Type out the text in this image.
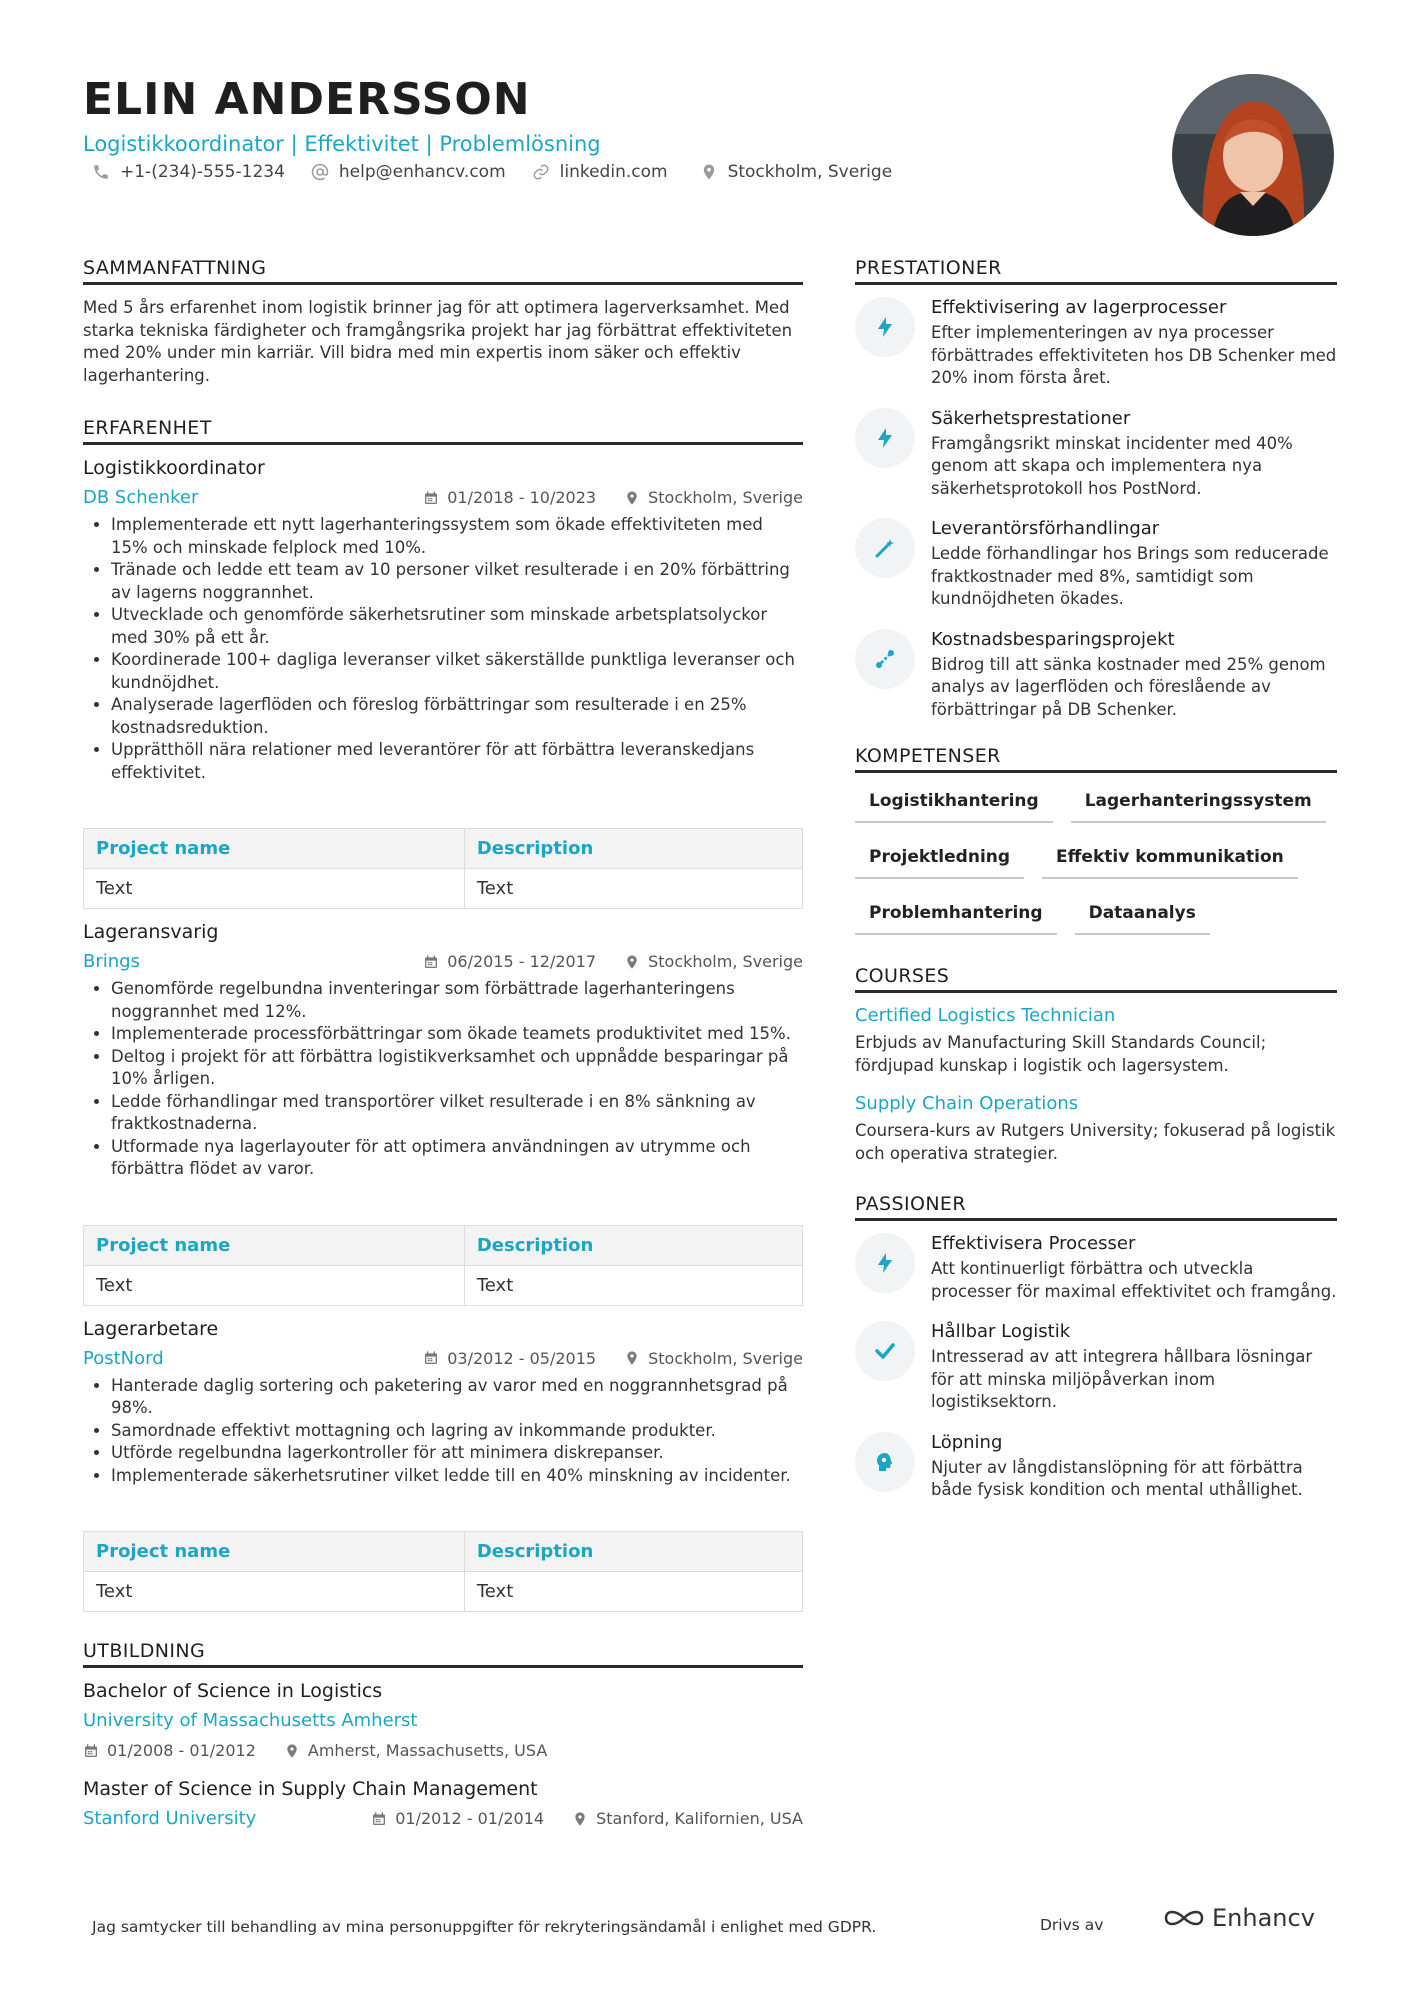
ELIN ANDERSSON
Logistikkoordinator | Effektivitet | Problemlösning
+1-(234)-555-1234	help@enhancv.com	linkedin.com	Stockholm, Sverige
SAMMANFATTNING
Med 5 års erfarenhet inom logistik brinner jag för att optimera lagerverksamhet. Med starka tekniska färdigheter och framgångsrika projekt har jag förbättrat effektiviteten med 20% under min karriär. Vill bidra med min expertis inom säker och effektiv lagerhantering.
ERFARENHET
Logistikkoordinator
DB Schenker	01/2018 - 10/2023	Stockholm, Sverige
• Implementerade ett nytt lagerhanteringssystem som ökade effektiviteten med 15% och minskade felplock med 10%.
• Tränade och ledde ett team av 10 personer vilket resulterade i en 20% förbättring av lagerns noggrannhet.
• Utvecklade och genomförde säkerhetsrutiner som minskade arbetsplatsolyckor med 30% på ett år.
• Koordinerade 100+ dagliga leveranser vilket säkerställde punktliga leveranser och kundnöjdhet.
• Analyserade lagerflöden och föreslog förbättringar som resulterade i en 25% kostnadsreduktion.
• Upprätthöll nära relationer med leverantörer för att förbättra leveranskedjans effektivitet.
Project name	Description
Text	Text
Lageransvarig
Brings	06/2015 - 12/2017	Stockholm, Sverige
• Genomförde regelbundna inventeringar som förbättrade lagerhanteringens noggrannhet med 12%.
• Implementerade processförbättringar som ökade teamets produktivitet med 15%.
• Deltog i projekt för att förbättra logistikverksamhet och uppnådde besparingar på 10% årligen.
• Ledde förhandlingar med transportörer vilket resulterade i en 8% sänkning av fraktkostnaderna.
• Utformade nya lagerlayouter för att optimera användningen av utrymme och förbättra flödet av varor.
Project name	Description
Text	Text
Lagerarbetare
PostNord	03/2012 - 05/2015	Stockholm, Sverige
• Hanterade daglig sortering och paketering av varor med en noggrannhetsgrad på 98%.
• Samordnade effektivt mottagning och lagring av inkommande produkter.
• Utförde regelbundna lagerkontroller för att minimera diskrepanser.
• Implementerade säkerhetsrutiner vilket ledde till en 40% minskning av incidenter.
Project name	Description
Text	Text
UTBILDNING
Bachelor of Science in Logistics
University of Massachusetts Amherst
01/2008 - 01/2012	Amherst, Massachusetts, USA
Master of Science in Supply Chain Management
Stanford University	01/2012 - 01/2014	Stanford, Kalifornien, USA
PRESTATIONER
Effektivisering av lagerprocesser
Efter implementeringen av nya processer förbättrades effektiviteten hos DB Schenker med 20% inom första året.
Säkerhetsprestationer
Framgångsrikt minskat incidenter med 40% genom att skapa och implementera nya säkerhetsprotokoll hos PostNord.
Leverantörsförhandlingar
Ledde förhandlingar hos Brings som reducerade fraktkostnader med 8%, samtidigt som kundnöjdheten ökades.
Kostnadsbesparingsprojekt
Bidrog till att sänka kostnader med 25% genom analys av lagerflöden och föreslående av förbättringar på DB Schenker.
KOMPETENSER
Logistikhantering	Lagerhanteringssystem
Projektledning	Effektiv kommunikation
Problemhantering	Dataanalys
COURSES
Certified Logistics Technician
Erbjuds av Manufacturing Skill Standards Council; fördjupad kunskap i logistik och lagersystem.
Supply Chain Operations
Coursera-kurs av Rutgers University; fokuserad på logistik och operativa strategier.
PASSIONER
Effektivisera Processer
Att kontinuerligt förbättra och utveckla processer för maximal effektivitet och framgång.
Hållbar Logistik
Intresserad av att integrera hållbara lösningar för att minska miljöpåverkan inom logistiksektorn.
Löpning
Njuter av långdistanslöpning för att förbättra både fysisk kondition och mental uthållighet.
Jag samtycker till behandling av mina personuppgifter för rekryteringsändamål i enlighet med GDPR.	Drivs av	Enhancv
